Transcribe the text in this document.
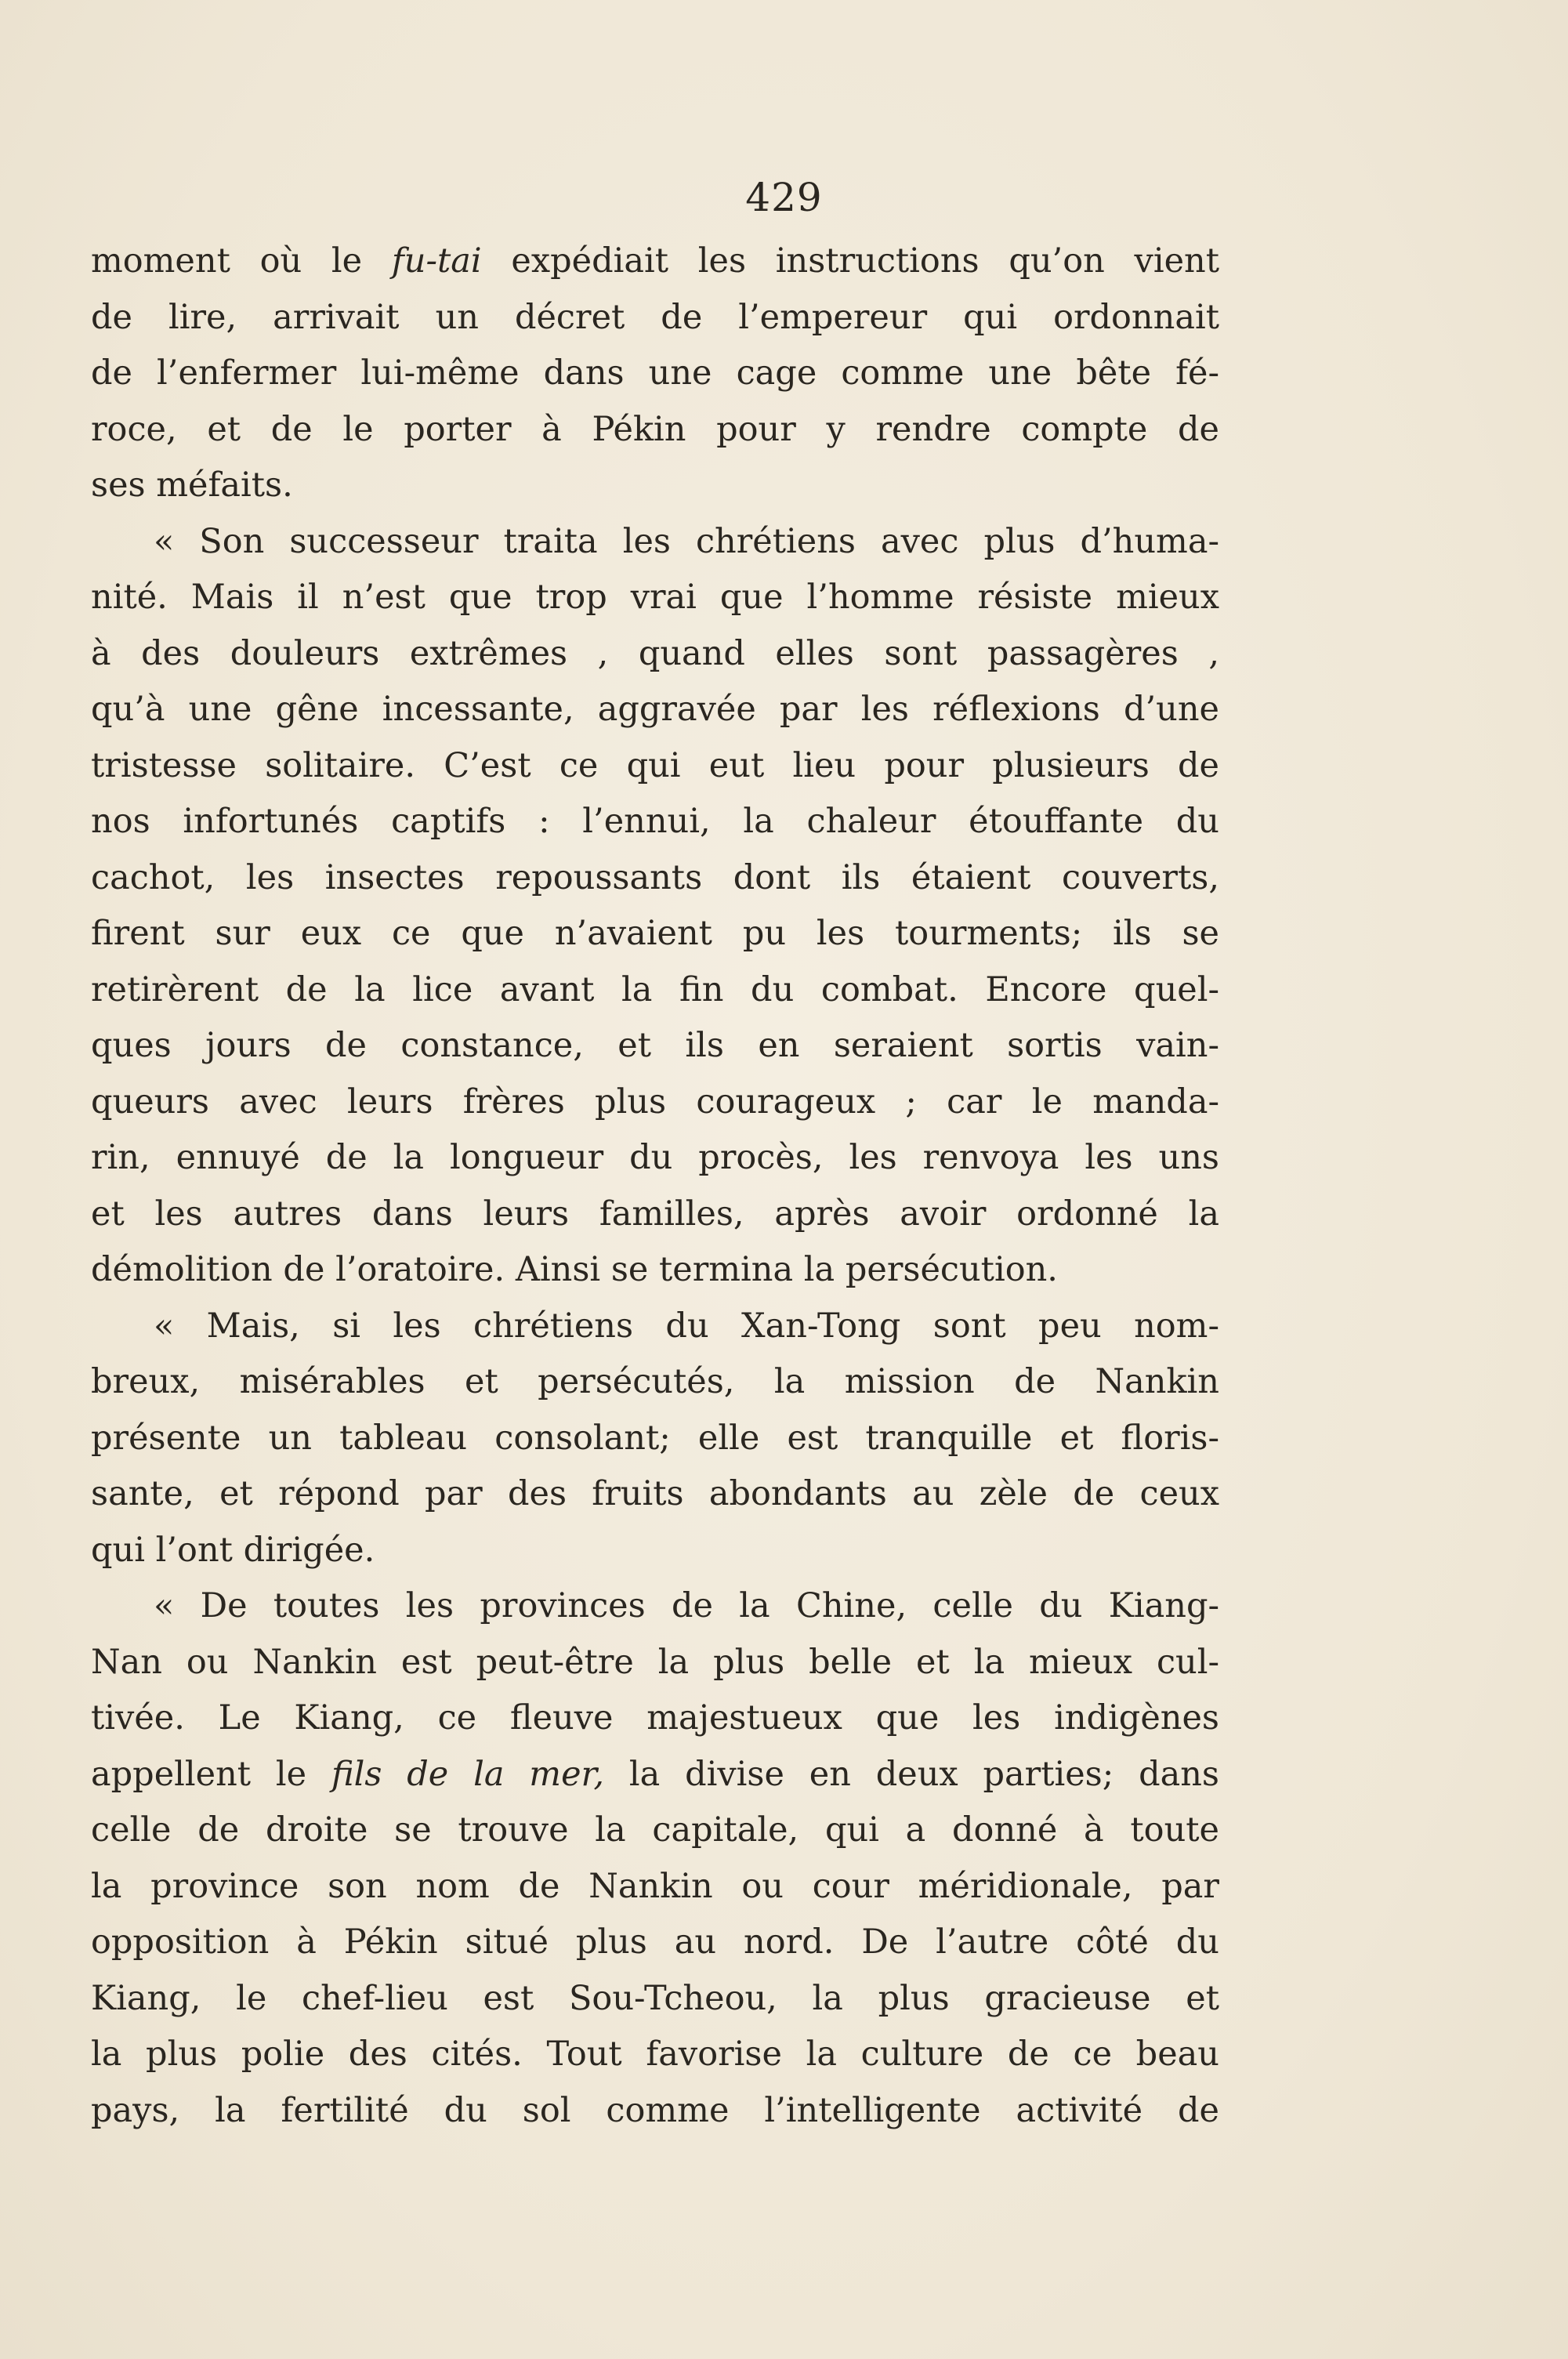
429
moment où le fu-tai expédiait les instructions qu’on vient
de lire, arrivait un décret de l’empereur qui ordonnait
de l’enfermer lui-même dans une cage comme une bête fé-
roce, et de le porter à Pékin pour y rendre compte de
ses méfaits.
« Son successeur traita les chrétiens avec plus d’huma-
nité. Mais il n’est que trop vrai que l’homme résiste mieux
à des douleurs extrêmes , quand elles sont passagères ,
qu’à une gêne incessante, aggravée par les réflexions d’une
tristesse solitaire. C’est ce qui eut lieu pour plusieurs de
nos infortunés captifs : l’ennui, la chaleur étouffante du
cachot, les insectes repoussants dont ils étaient couverts,
firent sur eux ce que n’avaient pu les tourments; ils se
retirèrent de la lice avant la fin du combat. Encore quel-
ques jours de constance, et ils en seraient sortis vain-
queurs avec leurs frères plus courageux ; car le manda-
rin, ennuyé de la longueur du procès, les renvoya les uns
et les autres dans leurs familles, après avoir ordonné la
démolition de l’oratoire. Ainsi se termina la persécution.
« Mais, si les chrétiens du Xan-Tong sont peu nom-
breux, misérables et persécutés, la mission de Nankin
présente un tableau consolant; elle est tranquille et floris-
sante, et répond par des fruits abondants au zèle de ceux
qui l’ont dirigée.
« De toutes les provinces de la Chine, celle du Kiang-
Nan ou Nankin est peut-être la plus belle et la mieux cul-
tivée. Le Kiang, ce fleuve majestueux que les indigènes
appellent le fils de la mer, la divise en deux parties; dans
celle de droite se trouve la capitale, qui a donné à toute
la province son nom de Nankin ou cour méridionale, par
opposition à Pékin situé plus au nord. De l’autre côté du
Kiang, le chef-lieu est Sou-Tcheou, la plus gracieuse et
la plus polie des cités. Tout favorise la culture de ce beau
pays, la fertilité du sol comme l’intelligente activité de
